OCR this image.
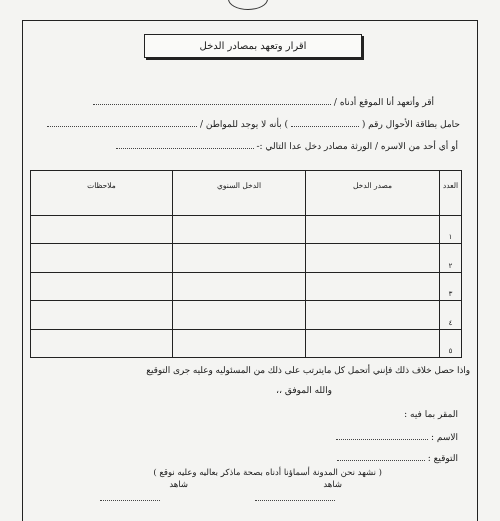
اقرار وتعهد بمصادر الدخل
أقر وأتعهد أنا الموقع أدناه /
حامل بطاقة الأحوال رقم (  ) بأنه لا يوجد للمواطن /
أو أي أحد من الاسره / الورثة مصادر دخل عدا التالي :-
العدد	مصدر الدخل	الدخل السنوي	ملاحظات
١			
٢			
٣			
٤			
٥			
واذا حصل خلاف ذلك فإنني أتحمل كل مايترتب على ذلك من المسئوليه وعليه جرى التوقيع
والله الموفق ،،
المقر بما فيه :
الاسم :
التوقيع :
( نشهد نحن المدونة أسماؤنا أدناه بصحة ماذكر بعاليه وعليه نوقع )
شاهد
شاهد
